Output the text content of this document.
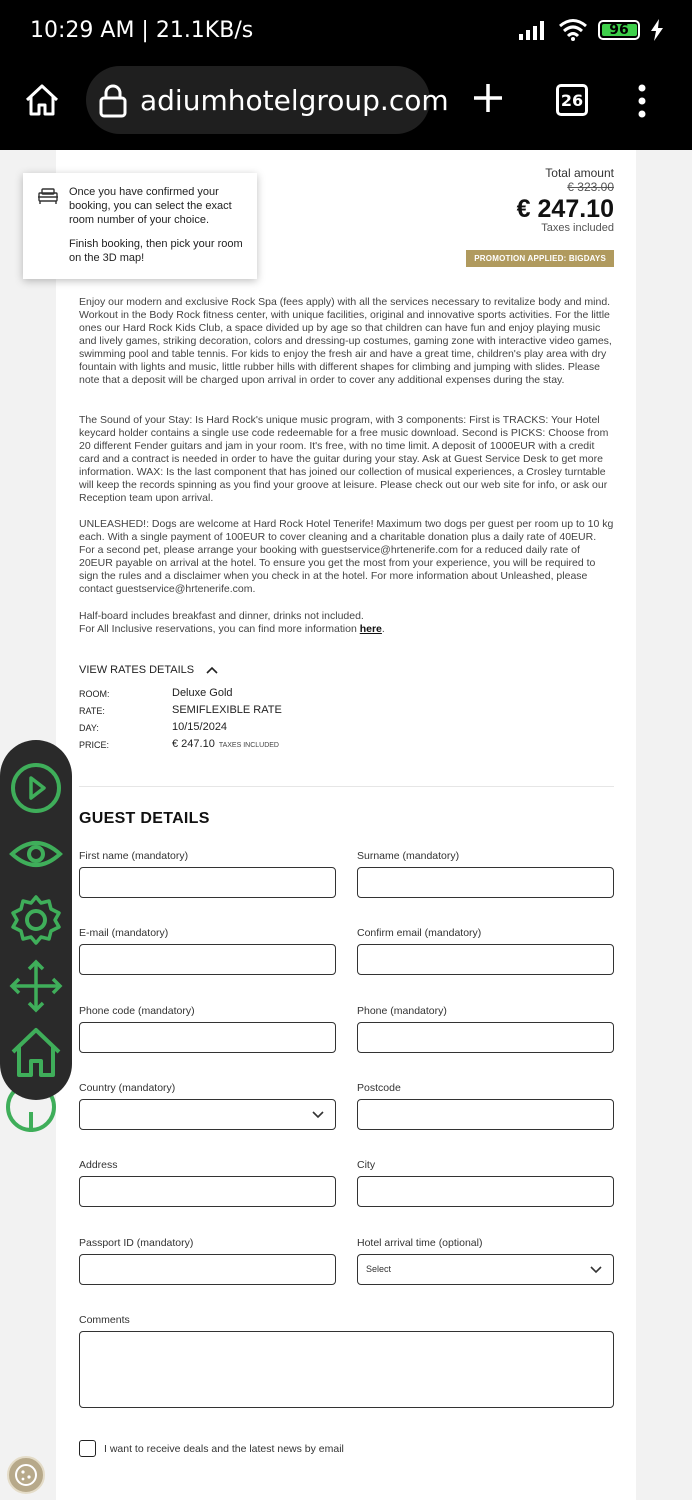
10:29 AM | 21.1KB/s	96
adiumhotelgroup.com	26

Once you have confirmed your booking, you can select the exact room number of your choice.

Finish booking, then pick your room on the 3D map!

Total amount
€ 323.00
€ 247.10
Taxes included
PROMOTION APPLIED: BIGDAYS

Enjoy our modern and exclusive Rock Spa (fees apply) with all the services necessary to revitalize body and mind. Workout in the Body Rock fitness center, with unique facilities, original and innovative sports activities. For the little ones our Hard Rock Kids Club, a space divided up by age so that children can have fun and enjoy playing music and lively games, striking decoration, colors and dressing-up costumes, gaming zone with interactive video games, swimming pool and table tennis. For kids to enjoy the fresh air and have a great time, children's play area with dry fountain with lights and music, little rubber hills with different shapes for climbing and jumping with slides. Please note that a deposit will be charged upon arrival in order to cover any additional expenses during the stay.

The Sound of your Stay: Is Hard Rock's unique music program, with 3 components: First is TRACKS: Your Hotel keycard holder contains a single use code redeemable for a free music download. Second is PICKS: Choose from 20 different Fender guitars and jam in your room. It's free, with no time limit. A deposit of 1000EUR with a credit card and a contract is needed in order to have the guitar during your stay. Ask at Guest Service Desk to get more information. WAX: Is the last component that has joined our collection of musical experiences, a Crosley turntable will keep the records spinning as you find your groove at leisure. Please check out our web site for info, or ask our Reception team upon arrival.

UNLEASHED!: Dogs are welcome at Hard Rock Hotel Tenerife! Maximum two dogs per guest per room up to 10 kg each. With a single payment of 100EUR to cover cleaning and a charitable donation plus a daily rate of 40EUR. For a second pet, please arrange your booking with guestservice@hrtenerife.com for a reduced daily rate of 20EUR payable on arrival at the hotel. To ensure you get the most from your experience, you will be required to sign the rules and a disclaimer when you check in at the hotel. For more information about Unleashed, please contact guestservice@hrtenerife.com.

Half-board includes breakfast and dinner, drinks not included.
For All Inclusive reservations, you can find more information here.

VIEW RATES DETAILS
ROOM:	Deluxe Gold
RATE:	SEMIFLEXIBLE RATE
DAY:	10/15/2024
PRICE:	€ 247.10 TAXES INCLUDED
GUEST DETAILS
First name (mandatory)	Surname (mandatory)
E-mail (mandatory)	Confirm email (mandatory)
Phone code (mandatory)	Phone (mandatory)
Country (mandatory)	Postcode
Address	City
Passport ID (mandatory)	Hotel arrival time (optional)
Select
Comments
I want to receive deals and the latest news by email
